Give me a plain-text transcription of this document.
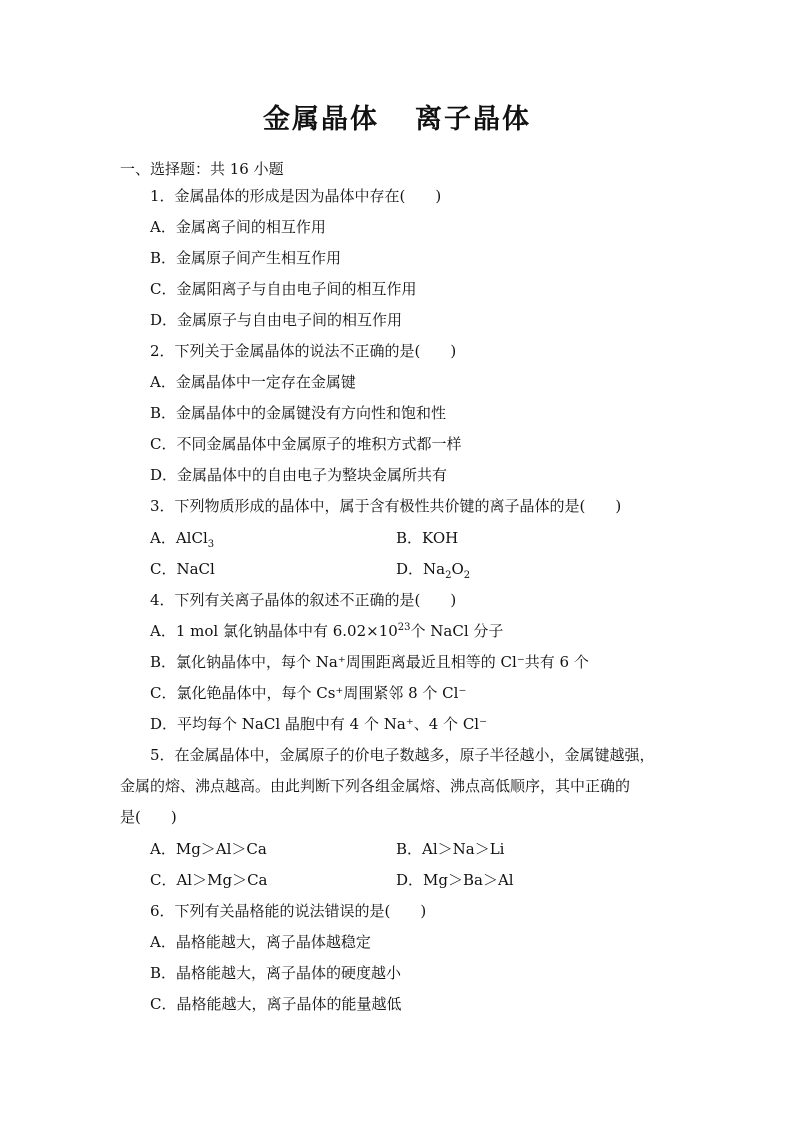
金属晶体 离子晶体
一、选择题：共 16 小题
1．金属晶体的形成是因为晶体中存在(　　)
A．金属离子间的相互作用
B．金属原子间产生相互作用
C．金属阳离子与自由电子间的相互作用
D．金属原子与自由电子间的相互作用
2．下列关于金属晶体的说法不正确的是(　　)
A．金属晶体中一定存在金属键
B．金属晶体中的金属键没有方向性和饱和性
C．不同金属晶体中金属原子的堆积方式都一样
D．金属晶体中的自由电子为整块金属所共有
3．下列物质形成的晶体中，属于含有极性共价键的离子晶体的是(　　)
A．AlCl$_3$	B．KOH
C．NaCl	D．$Na_2O_2$
4．下列有关离子晶体的叙述不正确的是(　　)
A．1 mol 氯化钠晶体中有 $6.02\times 10^{23}$个 NaCl 分子
B．氯化钠晶体中，每个 Na⁺周围距离最近且相等的 Cl⁻共有 6 个
C．氯化铯晶体中，每个 Cs⁺周围紧邻 8 个 Cl⁻
D．平均每个 NaCl 晶胞中有 4 个 Na⁺、4 个 Cl⁻
5．在金属晶体中，金属原子的价电子数越多，原子半径越小，金属键越强，
金属的熔、沸点越高。由此判断下列各组金属熔、沸点高低顺序，其中正确的
是(　　)
A．Mg＞Al＞Ca	B．Al＞Na＞Li
C．Al＞Mg＞Ca	D．Mg＞Ba＞Al
6．下列有关晶格能的说法错误的是(　　)
A．晶格能越大，离子晶体越稳定
B．晶格能越大，离子晶体的硬度越小
C．晶格能越大，离子晶体的能量越低
